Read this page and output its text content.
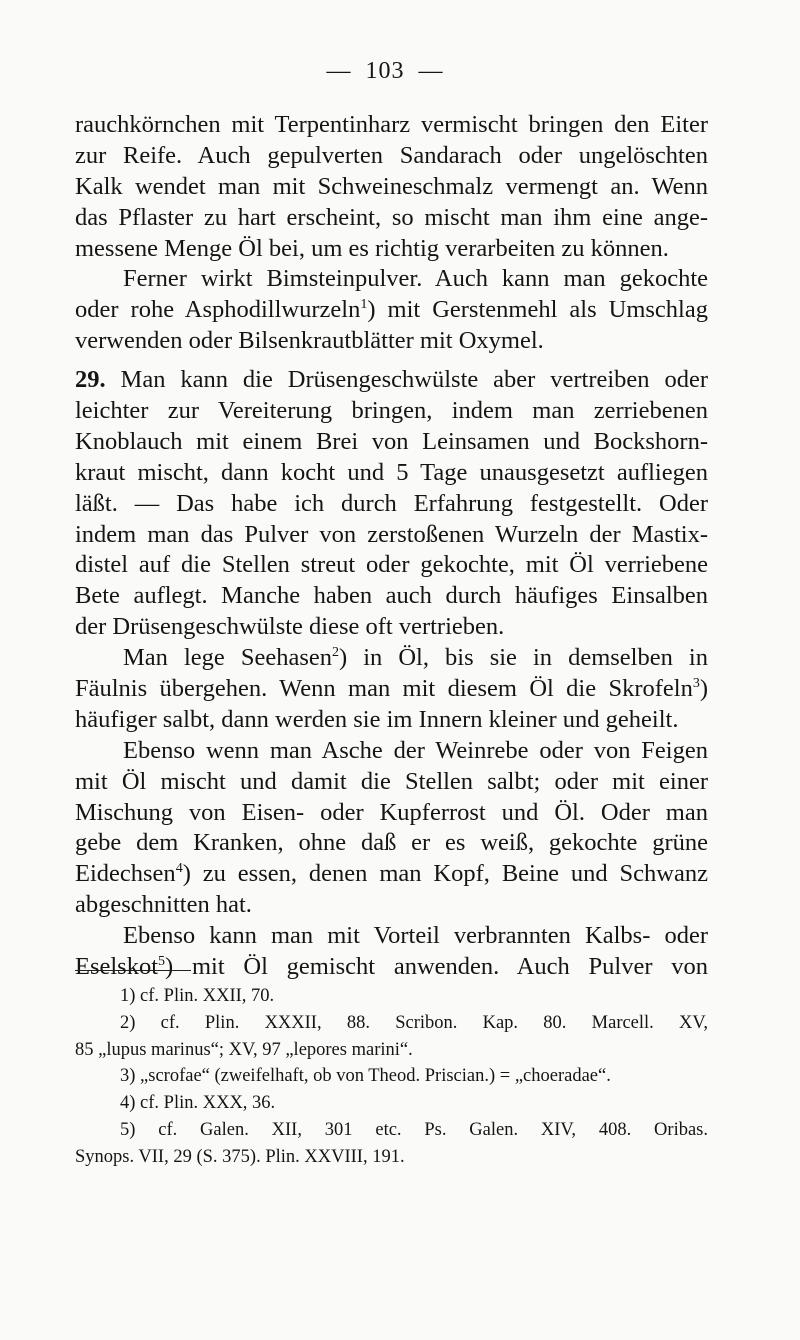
— 103 —
rauchkörnchen mit Terpentinharz vermischt bringen den Eiter
zur Reife. Auch gepulverten Sandarach oder ungelöschten
Kalk wendet man mit Schweineschmalz vermengt an. Wenn
das Pflaster zu hart erscheint, so mischt man ihm eine ange-
messene Menge Öl bei, um es richtig verarbeiten zu können.
Ferner wirkt Bimsteinpulver. Auch kann man gekochte
oder rohe Asphodillwurzeln$^1$) mit Gerstenmehl als Umschlag
verwenden oder Bilsenkrautblätter mit Oxymel.
29. Man kann die Drüsengeschwülste aber vertreiben oder
leichter zur Vereiterung bringen, indem man zerriebenen
Knoblauch mit einem Brei von Leinsamen und Bockshorn-
kraut mischt, dann kocht und 5 Tage unausgesetzt aufliegen
läßt. — Das habe ich durch Erfahrung festgestellt. Oder
indem man das Pulver von zerstoßenen Wurzeln der Mastix-
distel auf die Stellen streut oder gekochte, mit Öl verriebene
Bete auflegt. Manche haben auch durch häufiges Einsalben
der Drüsengeschwülste diese oft vertrieben.
Man lege Seehasen$^2$) in Öl, bis sie in demselben in
Fäulnis übergehen. Wenn man mit diesem Öl die Skrofeln$^3$)
häufiger salbt, dann werden sie im Innern kleiner und geheilt.
Ebenso wenn man Asche der Weinrebe oder von Feigen
mit Öl mischt und damit die Stellen salbt; oder mit einer
Mischung von Eisen- oder Kupferrost und Öl. Oder man
gebe dem Kranken, ohne daß er es weiß, gekochte grüne
Eidechsen$^4$) zu essen, denen man Kopf, Beine und Schwanz
abgeschnitten hat.
Ebenso kann man mit Vorteil verbrannten Kalbs- oder
Eselskot$^5$) mit Öl gemischt anwenden. Auch Pulver von
1) cf. Plin. XXII, 70.
2) cf. Plin. XXXII, 88. Scribon. Kap. 80. Marcell. XV,
85 „lupus marinus“; XV, 97 „lepores marini“.
3) „scrofae“ (zweifelhaft, ob von Theod. Priscian.) = „choeradae“.
4) cf. Plin. XXX, 36.
5) cf. Galen. XII, 301 etc. Ps. Galen. XIV, 408. Oribas.
Synops. VII, 29 (S. 375). Plin. XXVIII, 191.
